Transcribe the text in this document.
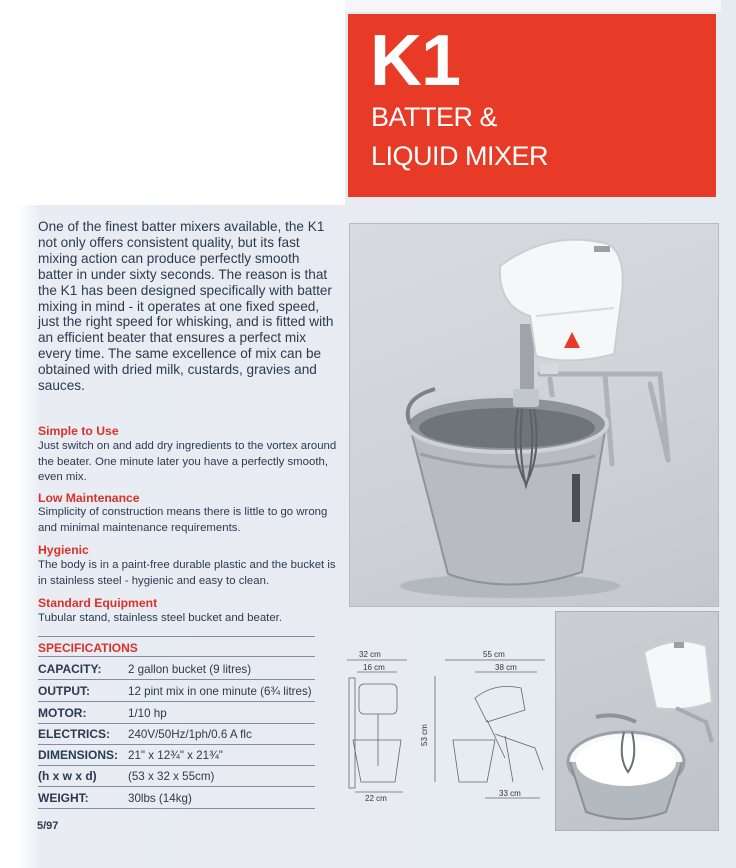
K1
BATTER &
LIQUID MIXER
One of the finest batter mixers available, the K1 not only offers consistent quality, but its fast mixing action can produce perfectly smooth batter in under sixty seconds. The reason is that the K1 has been designed specifically with batter mixing in mind - it operates at one fixed speed, just the right speed for whisking, and is fitted with an efficient beater that ensures a perfect mix every time. The same excellence of mix can be obtained with dried milk, custards, gravies and sauces.
Simple to Use
Just switch on and add dry ingredients to the vortex around the beater. One minute later you have a perfectly smooth, even mix.
Low Maintenance
Simplicity of construction means there is little to go wrong and minimal maintenance requirements.
Hygienic
The body is in a paint-free durable plastic and the bucket is in stainless steel - hygienic and easy to clean.
Standard Equipment
Tubular stand, stainless steel bucket and beater.
SPECIFICATIONS
CAPACITY: 2 gallon bucket (9 litres)
OUTPUT:	12 pint mix in one minute (6¾ litres)
MOTOR:	1/10 hp
ELECTRICS: 240V/50Hz/1ph/0.6 A flc
DIMENSIONS: 21" x 12¾" x 21¾"
(h x w x d)	(53 x 32 x 55cm)
WEIGHT:	30lbs (14kg)
32 cm
16 cm
22 cm
55 cm
38 cm
53 cm
33 cm
5/97
